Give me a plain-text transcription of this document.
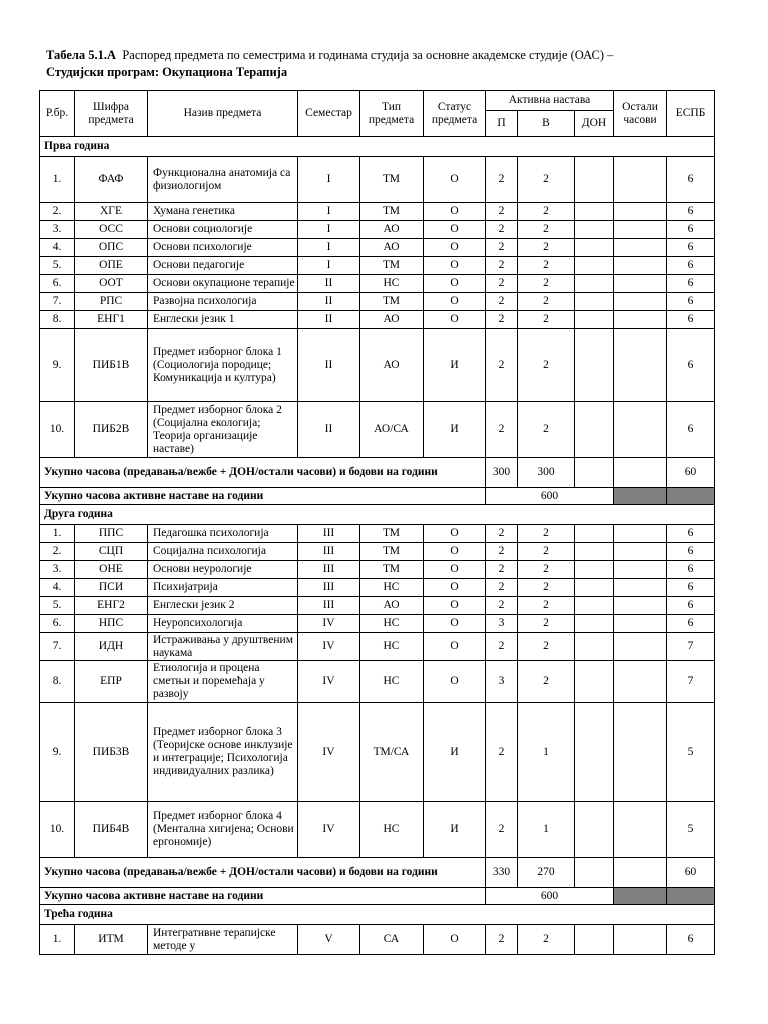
Табела 5.1.А Распоред предмета по семестрима и годинама студија за основне академске студије (ОАС) –
Студијски програм: Окупациона Терапија
Р.бр.	Шифра предмета	Назив предмета	Семестар	Тип предмета	Статус предмета	Активна настава			Остали часови	ЕСПБ
						П	В	ДОН		
Прва година										
1.	ФАФ	Функционална анатомија са физиологијом	I	ТМ	О	2	2			6
2.	ХГЕ	Хумана генетика	I	ТМ	О	2	2			6
3.	ОСС	Основи социологије	I	АО	О	2	2			6
4.	ОПС	Основи психологије	I	АО	О	2	2			6
5.	ОПЕ	Основи педагогије	I	ТМ	О	2	2			6
6.	ООТ	Основи окупационе терапије	II	НС	О	2	2			6
7.	РПС	Развојна психологија	II	ТМ	О	2	2			6
8.	ЕНГ1	Енглески језик 1	II	АО	О	2	2			6
9.	ПИБ1В	Предмет изборног блока 1 (Социологија породице; Комуникација и култура)	II	АО	И	2	2			6
10.	ПИБ2В	Предмет изборног блока 2 (Социјална екологија; Теорија организације наставе)	II	АО/СА	И	2	2			6
Укупно часова (предавања/вежбе + ДОН/остали часови) и бодови на години						300	300			60
Укупно часова активне наставе на години						600				
Друга година										
1.	ППС	Педагошка психологија	III	ТМ	О	2	2			6
2.	СЦП	Социјална психологија	III	ТМ	О	2	2			6
3.	ОНЕ	Основи неурологије	III	ТМ	О	2	2			6
4.	ПСИ	Психијатрија	III	НС	О	2	2			6
5.	ЕНГ2	Енглески језик 2	III	АО	О	2	2			6
6.	НПС	Неуропсихологија	IV	НС	О	3	2			6
7.	ИДН	Истраживања у друштвеним наукама	IV	НС	О	2	2			7
8.	ЕПР	Етиологија и процена сметњи и поремећаја у развоју	IV	НС	О	3	2			7
9.	ПИБ3В	Предмет изборног блока 3 (Теоријске основе инклузије и интеграције; Психологија индивидуалних разлика)	IV	ТМ/СА	И	2	1			5
10.	ПИБ4В	Предмет изборног блока 4 (Ментална хигијена; Основи ергономије)	IV	НС	И	2	1			5
Укупно часова (предавања/вежбе + ДОН/остали часови) и бодови на години						330	270			60
Укупно часова активне наставе на години						600				
Трећа година										
1.	ИТМ	Интегративне терапијске методе у	V	СА	О	2	2			6
